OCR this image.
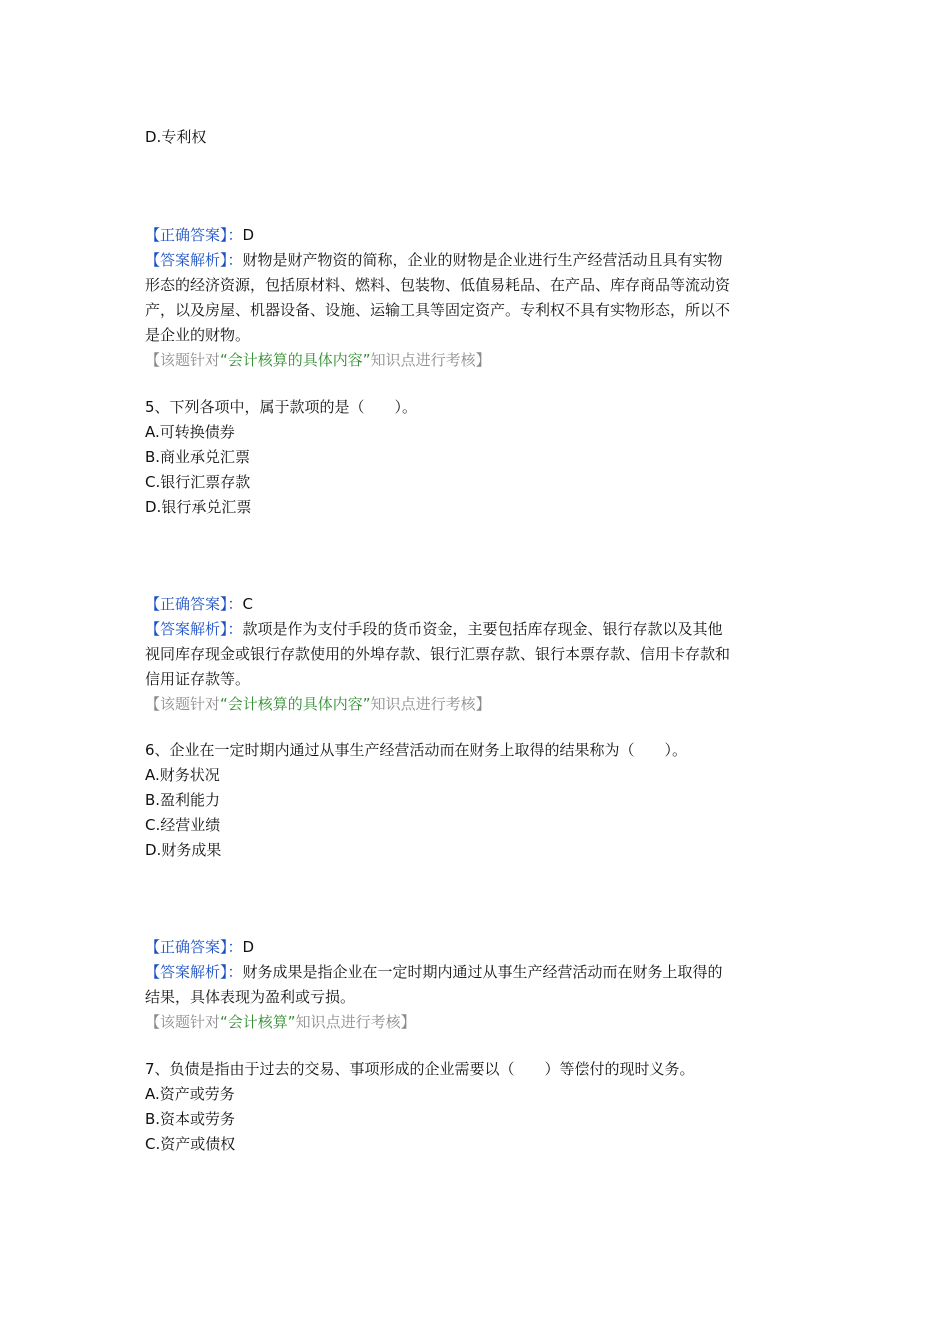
D.专利权
【正确答案】：D
【答案解析】：财物是财产物资的简称，企业的财物是企业进行生产经营活动且具有实物
形态的经济资源，包括原材料、燃料、包装物、低值易耗品、在产品、库存商品等流动资
产，以及房屋、机器设备、设施、运输工具等固定资产。专利权不具有实物形态，所以不
是企业的财物。
【该题针对“会计核算的具体内容”知识点进行考核】
5、下列各项中，属于款项的是（　　）。
A.可转换债券
B.商业承兑汇票
C.银行汇票存款
D.银行承兑汇票
【正确答案】：C
【答案解析】：款项是作为支付手段的货币资金，主要包括库存现金、银行存款以及其他
视同库存现金或银行存款使用的外埠存款、银行汇票存款、银行本票存款、信用卡存款和
信用证存款等。
【该题针对“会计核算的具体内容”知识点进行考核】
6、企业在一定时期内通过从事生产经营活动而在财务上取得的结果称为（　　）。
A.财务状况
B.盈利能力
C.经营业绩
D.财务成果
【正确答案】：D
【答案解析】：财务成果是指企业在一定时期内通过从事生产经营活动而在财务上取得的
结果，具体表现为盈利或亏损。
【该题针对“会计核算”知识点进行考核】
7、负债是指由于过去的交易、事项形成的企业需要以（　　）等偿付的现时义务。
A.资产或劳务
B.资本或劳务
C.资产或债权
